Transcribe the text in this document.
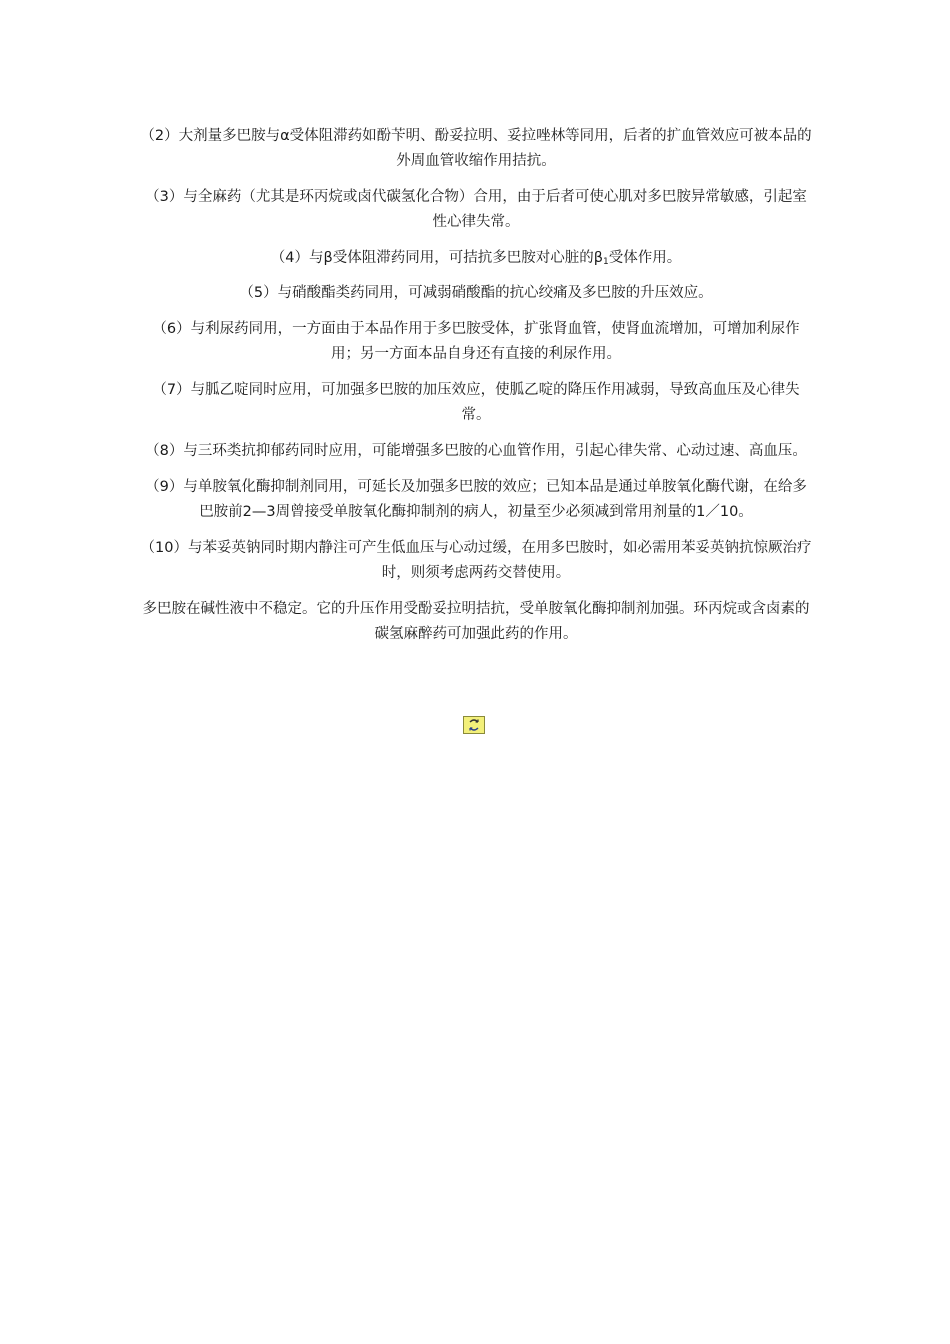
（2）大剂量多巴胺与α受体阻滞药如酚苄明、酚妥拉明、妥拉唑林等同用，后者的扩血管效应可被本品的外周血管收缩作用拮抗。

（3）与全麻药（尤其是环丙烷或卤代碳氢化合物）合用，由于后者可使心肌对多巴胺异常敏感，引起室性心律失常。

（4）与β受体阻滞药同用，可拮抗多巴胺对心脏的$\beta_1$受体作用。

（5）与硝酸酯类药同用，可减弱硝酸酯的抗心绞痛及多巴胺的升压效应。

（6）与利尿药同用，一方面由于本品作用于多巴胺受体，扩张肾血管，使肾血流增加，可增加利尿作用；另一方面本品自身还有直接的利尿作用。

（7）与胍乙啶同时应用，可加强多巴胺的加压效应，使胍乙啶的降压作用减弱，导致高血压及心律失常。

（8）与三环类抗抑郁药同时应用，可能增强多巴胺的心血管作用，引起心律失常、心动过速、高血压。

（9）与单胺氧化酶抑制剂同用，可延长及加强多巴胺的效应；已知本品是通过单胺氧化酶代谢，在给多巴胺前2—3周曾接受单胺氧化酶抑制剂的病人，初量至少必须减到常用剂量的1／10。

（10）与苯妥英钠同时期内静注可产生低血压与心动过缓，在用多巴胺时，如必需用苯妥英钠抗惊厥治疗时，则须考虑两药交替使用。

多巴胺在碱性液中不稳定。它的升压作用受酚妥拉明拮抗，受单胺氧化酶抑制剂加强。环丙烷或含卤素的碳氢麻醉药可加强此药的作用。
